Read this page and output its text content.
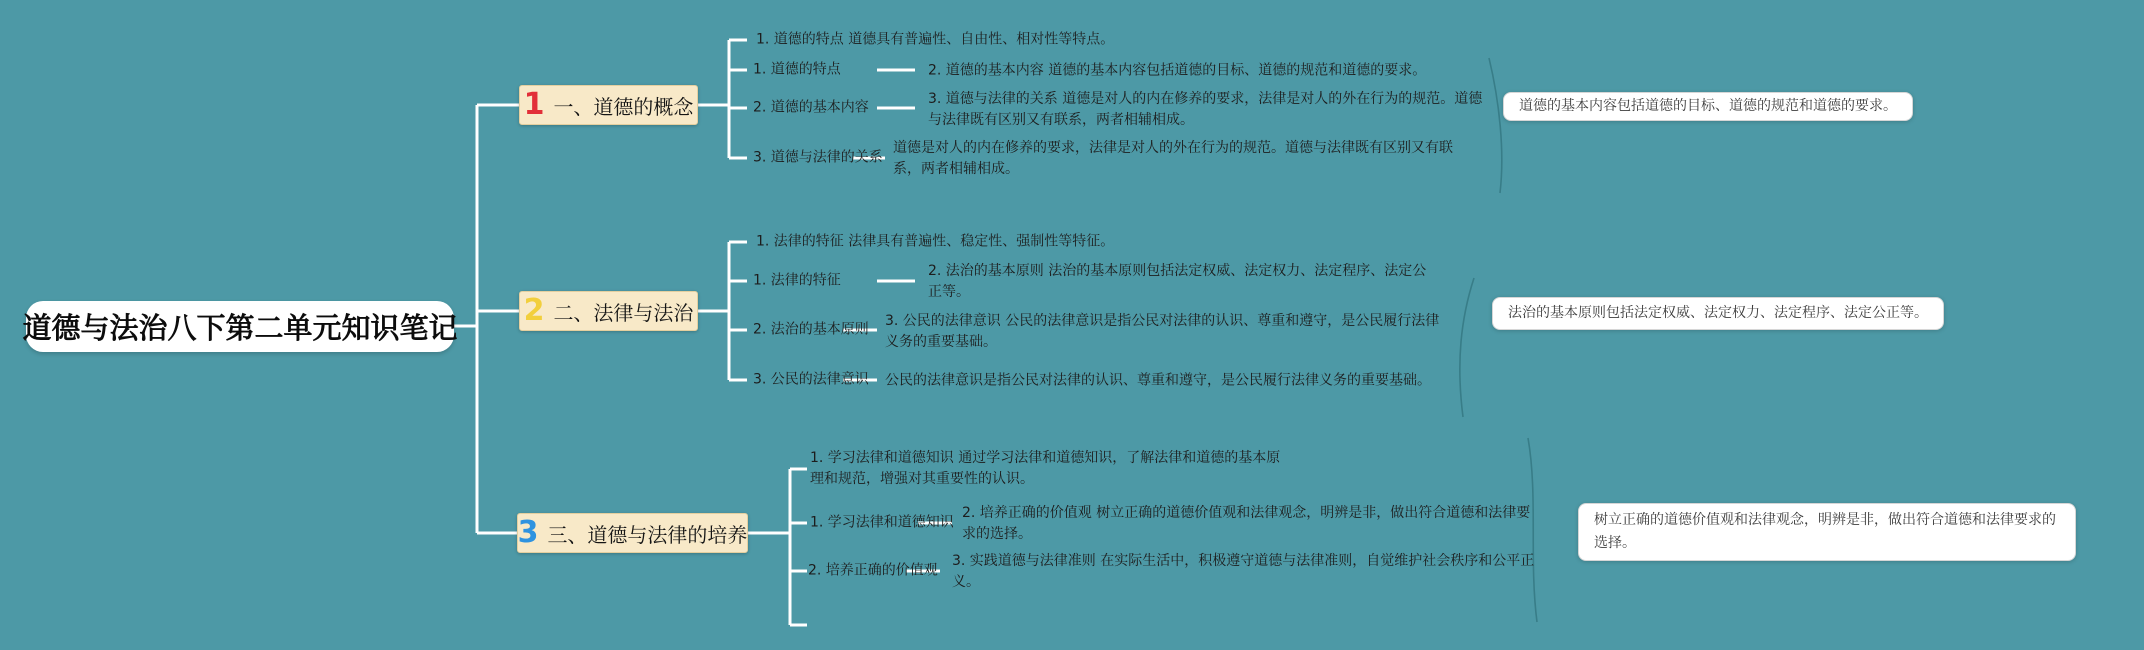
道德与法治八下第二单元知识笔记
1 一、道德的概念
1. 道德的特点 道德具有普遍性、自由性、相对性等特点。
1. 道德的特点	2. 道德的基本内容 道德的基本内容包括道德的目标、道德的规范和道德的要求。
2. 道德的基本内容
3. 道德与法律的关系 道德是对人的内在修养的要求，法律是对人的外在行为的规范。道德与法律既有区别又有联系，两者相辅相成。
3. 道德与法律的关系
道德是对人的内在修养的要求，法律是对人的外在行为的规范。道德与法律既有区别又有联系，两者相辅相成。
道德的基本内容包括道德的目标、道德的规范和道德的要求。
2 二、法律与法治
1. 法律的特征 法律具有普遍性、稳定性、强制性等特征。
1. 法律的特征
2. 法治的基本原则 法治的基本原则包括法定权威、法定权力、法定程序、法定公正等。
2. 法治的基本原则
3. 公民的法律意识 公民的法律意识是指公民对法律的认识、尊重和遵守，是公民履行法律义务的重要基础。
3. 公民的法律意识 公民的法律意识是指公民对法律的认识、尊重和遵守，是公民履行法律义务的重要基础。
法治的基本原则包括法定权威、法定权力、法定程序、法定公正等。
3 三、道德与法律的培养
1. 学习法律和道德知识 通过学习法律和道德知识，了解法律和道德的基本原理和规范，增强对其重要性的认识。
1. 学习法律和道德知识
2. 培养正确的价值观 树立正确的道德价值观和法律观念，明辨是非，做出符合道德和法律要求的选择。
2. 培养正确的价值观
3. 实践道德与法律准则 在实际生活中，积极遵守道德与法律准则，自觉维护社会秩序和公平正义。
树立正确的道德价值观和法律观念，明辨是非，做出符合道德和法律要求的选择。
